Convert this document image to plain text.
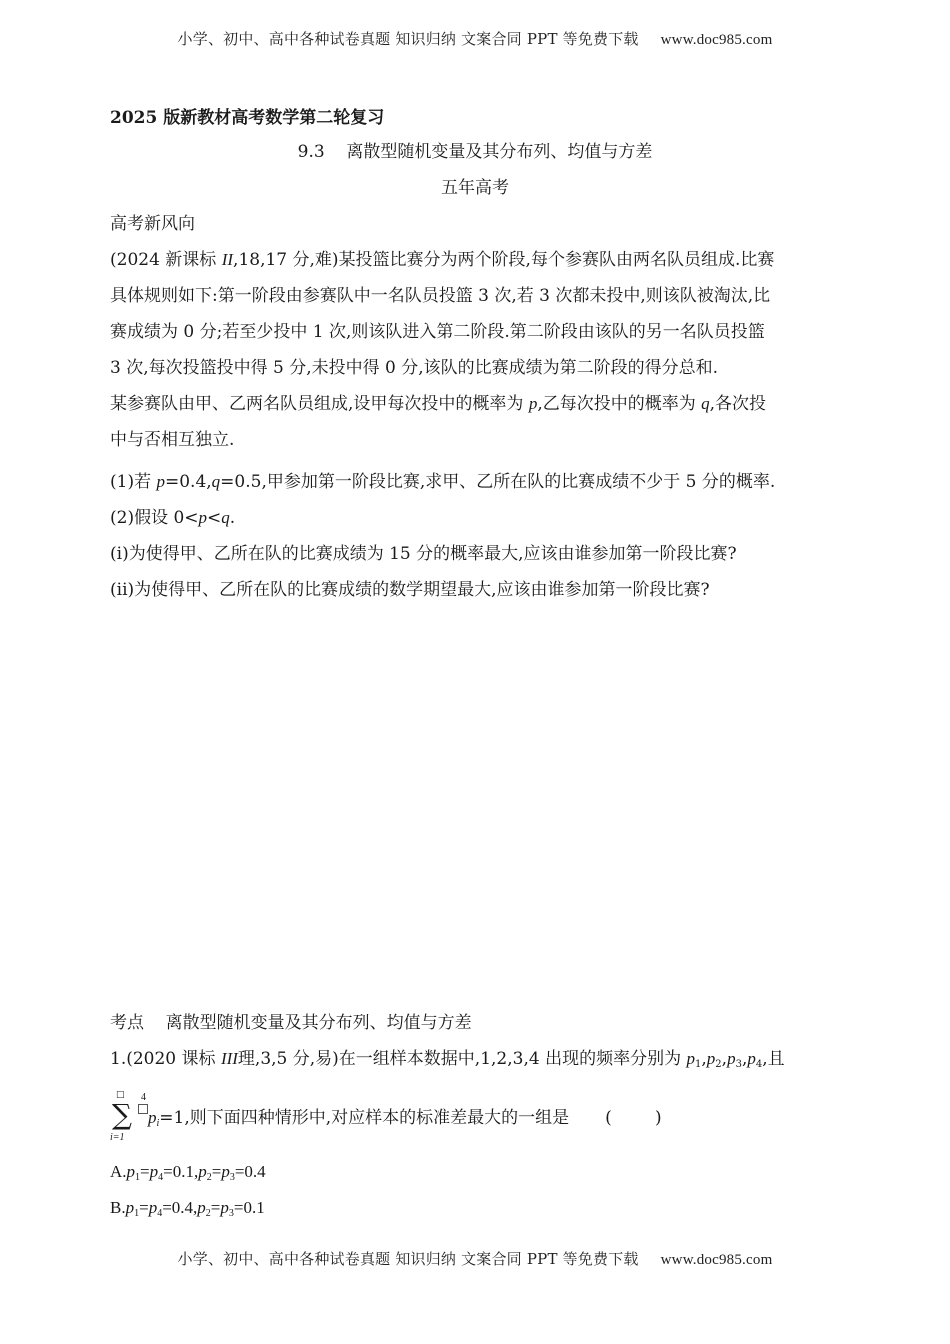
小学、初中、高中各种试卷真题 知识归纳 文案合同 PPT 等免费下载 www.doc985.com
2025 版新教材高考数学第二轮复习
9.3    离散型随机变量及其分布列、均值与方差
五年高考
高考新风向
(2024 新课标 II,18,17 分,难)某投篮比赛分为两个阶段,每个参赛队由两名队员组成.比赛
具体规则如下:第一阶段由参赛队中一名队员投篮 3 次,若 3 次都未投中,则该队被淘汰,比
赛成绩为 0 分;若至少投中 1 次,则该队进入第二阶段.第二阶段由该队的另一名队员投篮
3 次,每次投篮投中得 5 分,未投中得 0 分,该队的比赛成绩为第二阶段的得分总和.
某参赛队由甲、乙两名队员组成,设甲每次投中的概率为 p,乙每次投中的概率为 q,各次投
中与否相互独立.
(1)若 p=0.4,q=0.5,甲参加第一阶段比赛,求甲、乙所在队的比赛成绩不少于 5 分的概率.
(2)假设 0<p<q.
(i)为使得甲、乙所在队的比赛成绩为 15 分的概率最大,应该由谁参加第一阶段比赛?
(ii)为使得甲、乙所在队的比赛成绩的数学期望最大,应该由谁参加第一阶段比赛?
考点    离散型随机变量及其分布列、均值与方差
1.(2020 课标 III理,3,5 分,易)在一组样本数据中,1,2,3,4 出现的频率分别为 $p_1,p_2,p_3,p_4$,且
□
∑
i=1
4
$p_i=1$,则下面四种情形中,对应样本的标准差最大的一组是 (        )
$A.p_1=p_4=0.1,p_2=p_3=0.4$
$B.p_1=p_4=0.4,p_2=p_3=0.1$
小学、初中、高中各种试卷真题 知识归纳 文案合同 PPT 等免费下载 www.doc985.com
